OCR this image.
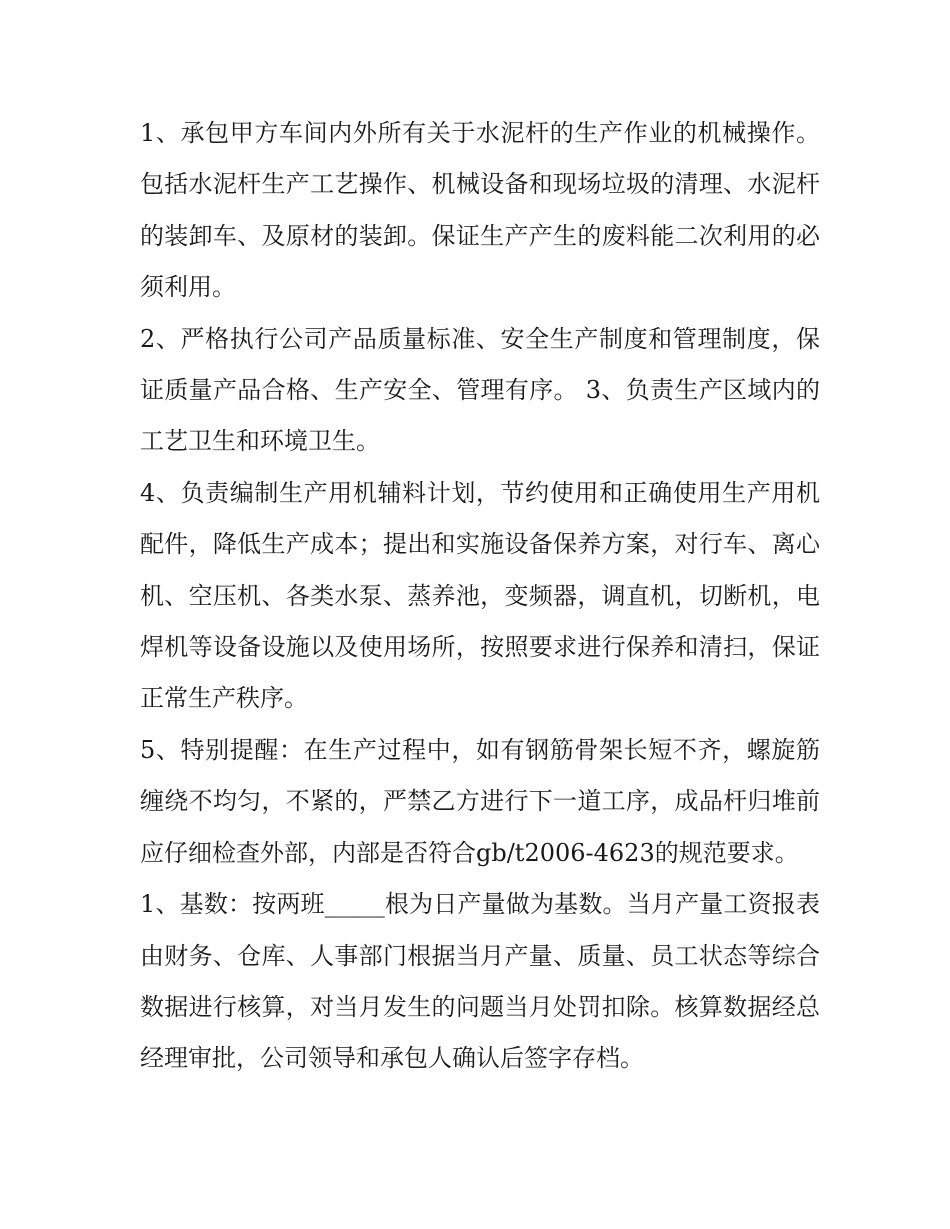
1、承包甲方车间内外所有关于水泥杆的生产作业的机械操作。包括水泥杆生产工艺操作、机械设备和现场垃圾的清理、水泥杆的装卸车、及原材的装卸。保证生产产生的废料能二次利用的必须利用。

2、严格执行公司产品质量标准、安全生产制度和管理制度，保证质量产品合格、生产安全、管理有序。 3、负责生产区域内的工艺卫生和环境卫生。

4、负责编制生产用机辅料计划，节约使用和正确使用生产用机配件，降低生产成本；提出和实施设备保养方案，对行车、离心机、空压机、各类水泵、蒸养池，变频器，调直机，切断机，电焊机等设备设施以及使用场所，按照要求进行保养和清扫，保证正常生产秩序。

5、特别提醒：在生产过程中，如有钢筋骨架长短不齐，螺旋筋缠绕不均匀，不紧的，严禁乙方进行下一道工序，成品杆归堆前应仔细检查外部，内部是否符合gb/t2006-4623的规范要求。

1、基数：按两班_____根为日产量做为基数。当月产量工资报表由财务、仓库、人事部门根据当月产量、质量、员工状态等综合数据进行核算，对当月发生的问题当月处罚扣除。核算数据经总经理审批，公司领导和承包人确认后签字存档。
